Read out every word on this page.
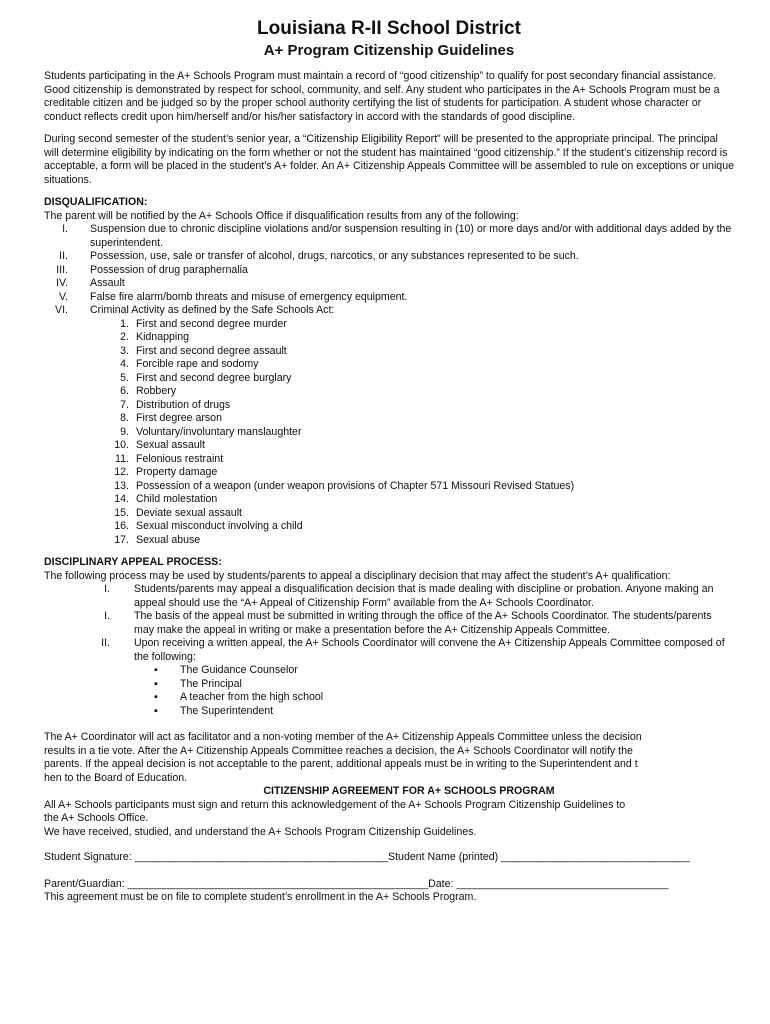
Louisiana R-II School District
A+ Program Citizenship Guidelines

Students participating in the A+ Schools Program must maintain a record of “good citizenship” to qualify for post secondary financial assistance. Good citizenship is demonstrated by respect for school, community, and self. Any student who participates in the A+ Schools Program must be a creditable citizen and be judged so by the proper school authority certifying the list of students for participation. A student whose character or conduct reflects credit upon him/herself and/or his/her satisfactory in accord with the standards of good discipline.

During second semester of the student’s senior year, a “Citizenship Eligibility Report” will be presented to the appropriate principal. The principal will determine eligibility by indicating on the form whether or not the student has maintained “good citizenship.” If the student’s citizenship record is acceptable, a form will be placed in the student’s A+ folder. An A+ Citizenship Appeals Committee will be assembled to rule on exceptions or unique situations.

DISQUALIFICATION:

The parent will be notified by the A+ Schools Office if disqualification results from any of the following:

I.	Suspension due to chronic discipline violations and/or suspension resulting in (10) or more days and/or with additional days added by the superintendent.
II.	Possession, use, sale or transfer of alcohol, drugs, narcotics, or any substances represented to be such.
III.	Possession of drug paraphernalia
IV.	Assault
V.	False fire alarm/bomb threats and misuse of emergency equipment.
VI.	Criminal Activity as defined by the Safe Schools Act:
1. First and second degree murder
2. Kidnapping
3. First and second degree assault
4. Forcible rape and sodomy
5. First and second degree burglary
6. Robbery
7. Distribution of drugs
8. First degree arson
9. Voluntary/involuntary manslaughter
10. Sexual assault
11. Felonious restraint
12. Property damage
13. Possession of a weapon (under weapon provisions of Chapter 571 Missouri Revised Statues)
14. Child molestation
15. Deviate sexual assault
16. Sexual misconduct involving a child
17. Sexual abuse
DISCIPLINARY APPEAL PROCESS:

The following process may be used by students/parents to appeal a disciplinary decision that may affect the student’s A+ qualification:

I.	Students/parents may appeal a disqualification decision that is made dealing with discipline or probation. Anyone making an appeal should use the “A+ Appeal of Citizenship Form” available from the A+ Schools Coordinator.
I.	The basis of the appeal must be submitted in writing through the office of the A+ Schools Coordinator. The students/parents may make the appeal in writing or make a presentation before the A+ Citizenship Appeals Committee.
II.	Upon receiving a written appeal, the A+ Schools Coordinator will convene the A+ Citizenship Appeals Committee composed of the following:
▪	The Guidance Counselor
▪	The Principal
▪	A teacher from the high school
▪	The Superintendent

The A+ Coordinator will act as facilitator and a non-voting member of the A+ Citizenship Appeals Committee unless the decision results in a tie vote. After the A+ Citizenship Appeals Committee reaches a decision, the A+ Schools Coordinator will notify the parents. If the appeal decision is not acceptable to the parent, additional appeals must be in writing to the Superintendent and t

hen to the Board of Education.

CITIZENSHIP AGREEMENT FOR A+ SCHOOLS PROGRAM

All A+ Schools participants must sign and return this acknowledgement of the A+ Schools Program Citizenship Guidelines to the A+ Schools Office.

We have received, studied, and understand the A+ Schools Program Citizenship Guidelines.

Student Signature: ___________________________________________Student Name (printed) ________________________________
Parent/Guardian: ___________________________________________________Date: ____________________________________

This agreement must be on file to complete student’s enrollment in the A+ Schools Program.
